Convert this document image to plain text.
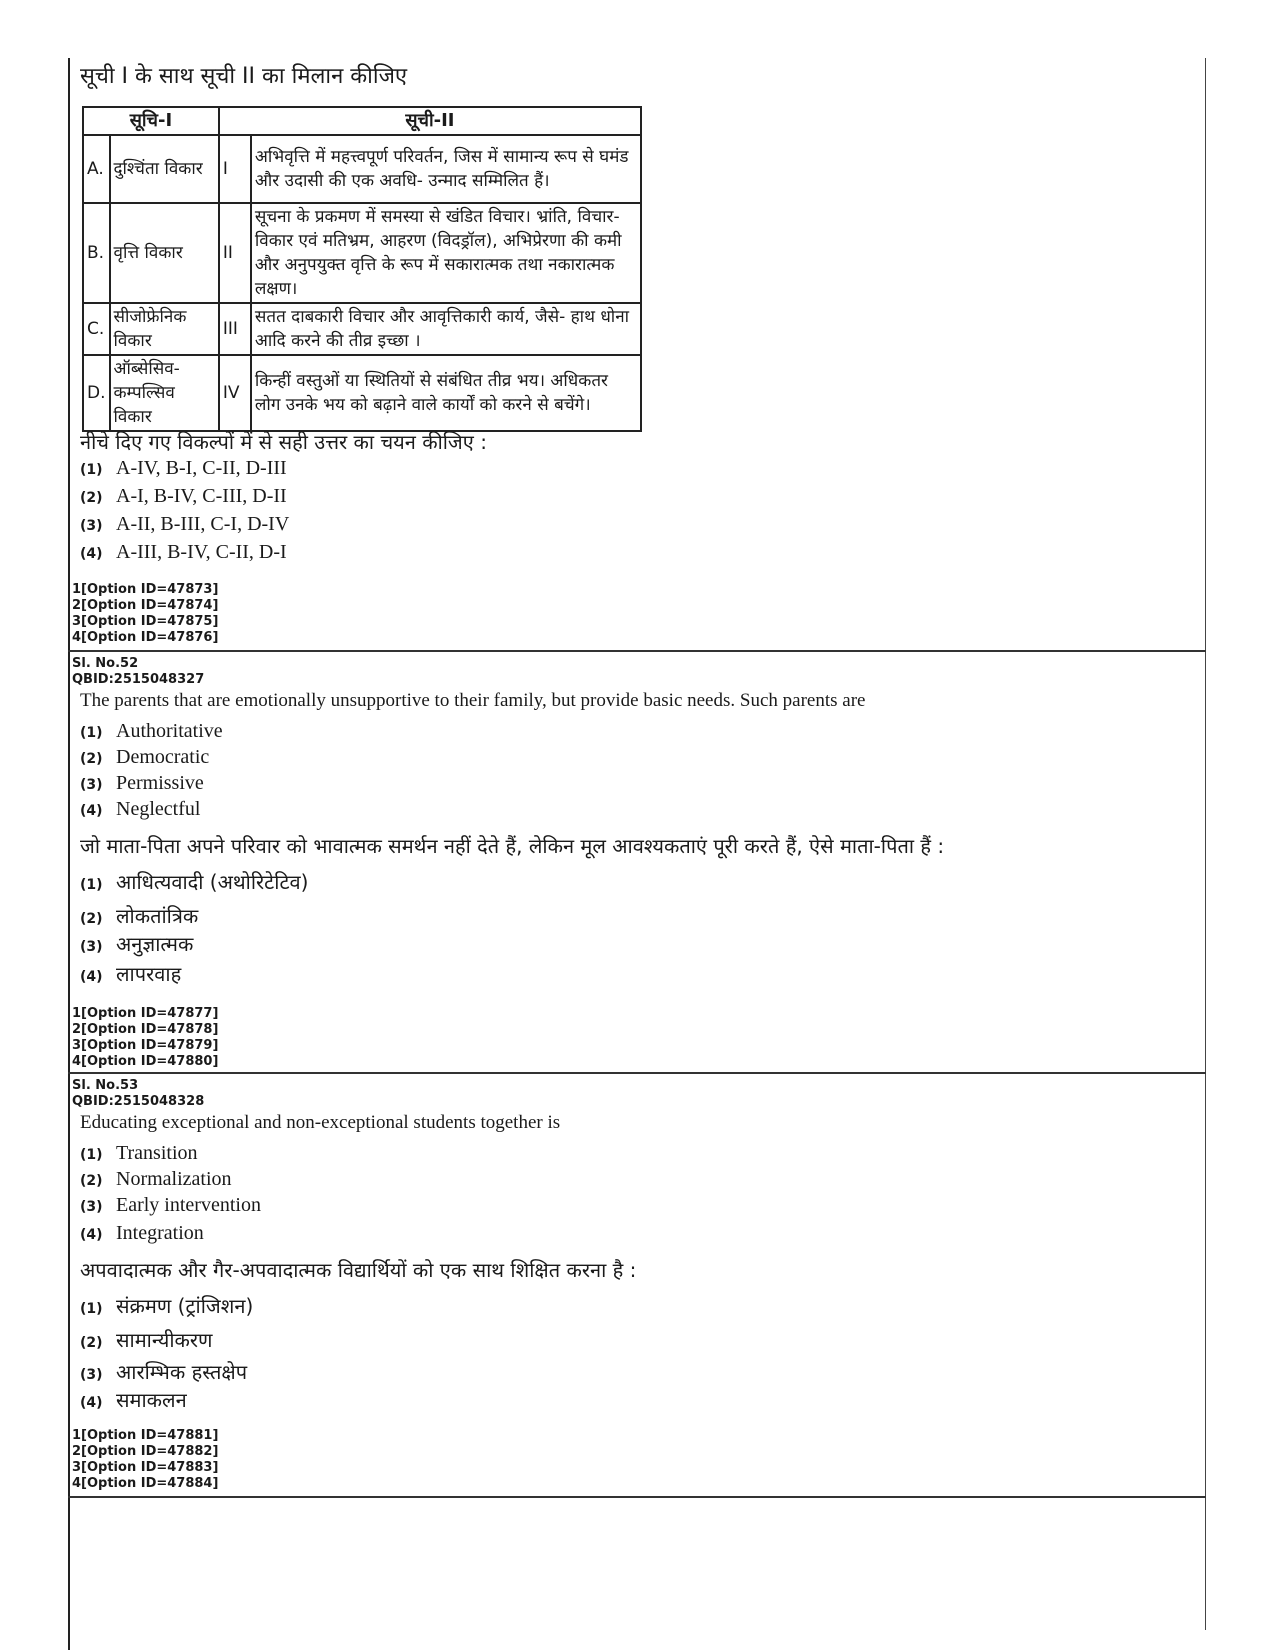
सूची I के साथ सूची II का मिलान कीजिए
सूचि-I		सूची-II	
A.	दुश्चिंता विकार	I	अभिवृत्ति में महत्त्वपूर्ण परिवर्तन, जिस में सामान्य रूप से घमंड और उदासी की एक अवधि- उन्माद सम्मिलित हैं।
B.	वृत्ति विकार	II	सूचना के प्रकमण में समस्या से खंडित विचार। भ्रांति, विचार-विकार एवं मतिभ्रम, आहरण (विदड्रॉल), अभिप्रेरणा की कमी और अनुपयुक्त वृत्ति के रूप में सकारात्मक तथा नकारात्मक लक्षण।
C.	सीजोफ्रेनिक विकार	III	सतत दाबकारी विचार और आवृत्तिकारी कार्य, जैसे- हाथ धोना आदि करने की तीव्र इच्छा ।
D.	ऑब्सेसिव-कम्पल्सिव विकार	IV	किन्हीं वस्तुओं या स्थितियों से संबंधित तीव्र भय। अधिकतर लोग उनके भय को बढ़ाने वाले कार्यों को करने से बचेंगे।
नीचे दिए गए विकल्पों में से सही उत्तर का चयन कीजिए :
(1) A-IV, B-I, C-II, D-III
(2) A-I, B-IV, C-III, D-II
(3) A-II, B-III, C-I, D-IV
(4) A-III, B-IV, C-II, D-I
1[Option ID=47873]
2[Option ID=47874]
3[Option ID=47875]
4[Option ID=47876]
Sl. No.52
QBID:2515048327
The parents that are emotionally unsupportive to their family, but provide basic needs. Such parents are
(1) Authoritative
(2) Democratic
(3) Permissive
(4) Neglectful
जो माता-पिता अपने परिवार को भावात्मक समर्थन नहीं देते हैं, लेकिन मूल आवश्यकताएं पूरी करते हैं, ऐसे माता-पिता हैं :
(1) आधित्यवादी (अथोरिटेटिव)
(2) लोकतांत्रिक
(3) अनुज्ञात्मक
(4) लापरवाह
1[Option ID=47877]
2[Option ID=47878]
3[Option ID=47879]
4[Option ID=47880]
Sl. No.53
QBID:2515048328
Educating exceptional and non-exceptional students together is
(1) Transition
(2) Normalization
(3) Early intervention
(4) Integration
अपवादात्मक और गैर-अपवादात्मक विद्यार्थियों को एक साथ शिक्षित करना है :
(1) संक्रमण (ट्रांजिशन)
(2) सामान्यीकरण
(3) आरम्भिक हस्तक्षेप
(4) समाकलन
1[Option ID=47881]
2[Option ID=47882]
3[Option ID=47883]
4[Option ID=47884]
